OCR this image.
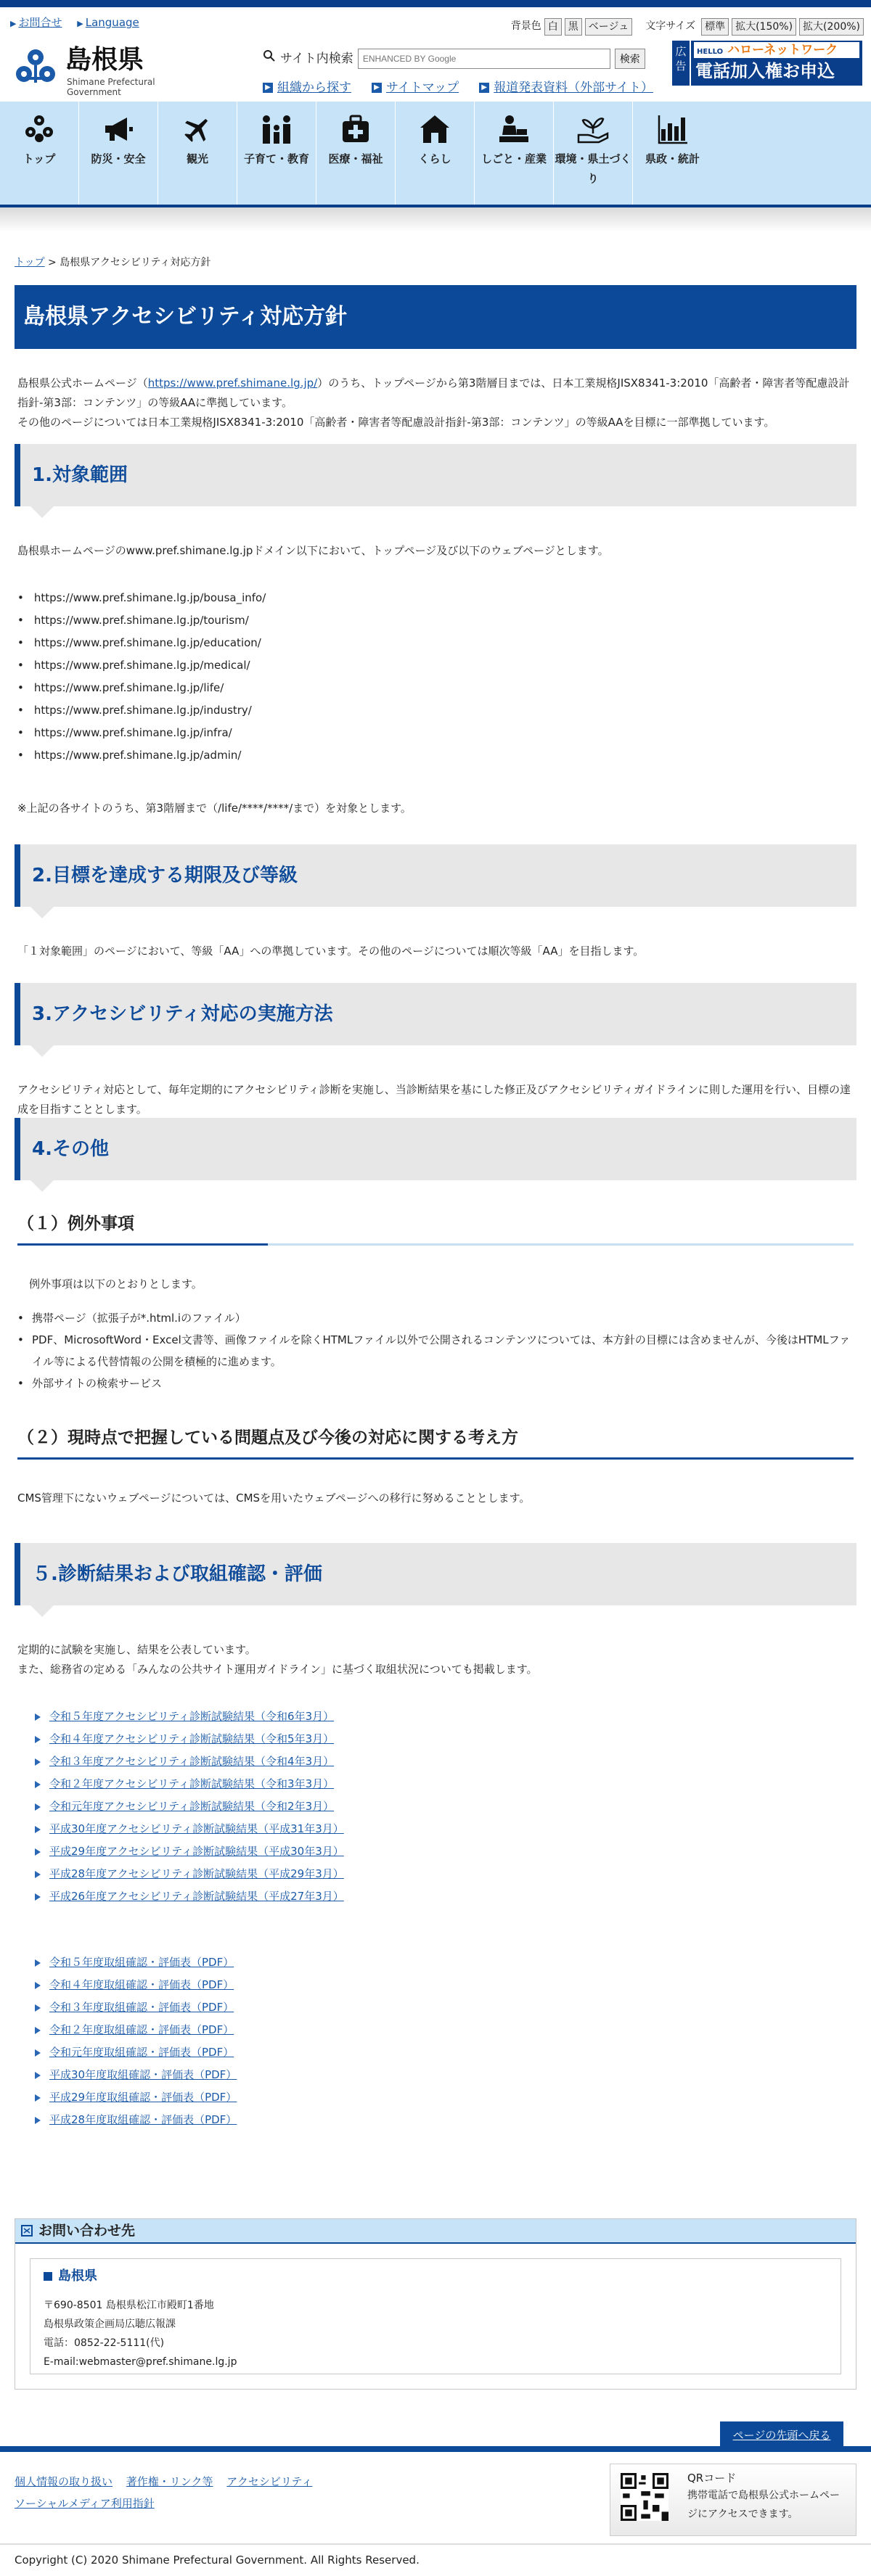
▶ お問合せ ▶ Language
島根県
Shimane Prefectural Government
背景色 白	黒	ベージュ	文字サイズ 標準	拡大(150%)	拡大(200%)
サイト内検索
ENHANCED BY Google	検索
▶ 組織から探す	▶ サイトマップ	▶ 報道発表資料（外部サイト）
広告
HELLO ハローネットワーク
電話加入権お申込
トップ	防災・安全	観光	子育て・教育	医療・福祉	くらし	しごと・産業 環境・県土づくり
県政・統計
トップ > 島根県アクセシビリティ対応方針
島根県アクセシビリティ対応方針

島根県公式ホームページ（https://www.pref.shimane.lg.jp/）のうち、トップページから第3階層目までは、日本工業規格JISX8341-3:2010「高齢者・障害者等配慮設計指針-第3部：コンテンツ」の等級AAに準拠しています。

その他のページについては日本工業規格JISX8341-3:2010「高齢者・障害者等配慮設計指針-第3部：コンテンツ」の等級AAを目標に一部準拠しています。

1.対象範囲

島根県ホームページのwww.pref.shimane.lg.jpドメイン以下において、トップページ及び以下のウェブページとします。

• https://www.pref.shimane.lg.jp/bousa_info/
• https://www.pref.shimane.lg.jp/tourism/
• https://www.pref.shimane.lg.jp/education/
• https://www.pref.shimane.lg.jp/medical/
• https://www.pref.shimane.lg.jp/life/
• https://www.pref.shimane.lg.jp/industry/
• https://www.pref.shimane.lg.jp/infra/
• https://www.pref.shimane.lg.jp/admin/

※上記の各サイトのうち、第3階層まで（/life/****/****/まで）を対象とします。

2.目標を達成する期限及び等級

「１対象範囲」のページにおいて、等級「AA」への準拠しています。その他のページについては順次等級「AA」を目指します。

3.アクセシビリティ対応の実施方法

アクセシビリティ対応として、毎年定期的にアクセシビリティ診断を実施し、当診断結果を基にした修正及びアクセシビリティガイドラインに則した運用を行い、目標の達成を目指すこととします。

4.その他
（１）例外事項

例外事項は以下のとおりとします。

• 携帯ページ（拡張子が*.html.iのファイル）
• PDF、MicrosoftWord・Excel文書等、画像ファイルを除くHTMLファイル以外で公開されるコンテンツについては、本方針の目標には含めませんが、今後はHTMLファイル等による代替情報の公開を積極的に進めます。
• 外部サイトの検索サービス
（２）現時点で把握している問題点及び今後の対応に関する考え方

CMS管理下にないウェブページについては、CMSを用いたウェブページへの移行に努めることとします。

５.診断結果および取組確認・評価

定期的に試験を実施し、結果を公表しています。

また、総務省の定める「みんなの公共サイト運用ガイドライン」に基づく取組状況についても掲載します。

令和５年度アクセシビリティ診断試験結果（令和6年3月）
令和４年度アクセシビリティ診断試験結果（令和5年3月）
令和３年度アクセシビリティ診断試験結果（令和4年3月）
令和２年度アクセシビリティ診断試験結果（令和3年3月）
令和元年度アクセシビリティ診断試験結果（令和2年3月）
平成30年度アクセシビリティ診断試験結果（平成31年3月）
平成29年度アクセシビリティ診断試験結果（平成30年3月）
平成28年度アクセシビリティ診断試験結果（平成29年3月）
平成26年度アクセシビリティ診断試験結果（平成27年3月）
令和５年度取組確認・評価表（PDF）
令和４年度取組確認・評価表（PDF）
令和３年度取組確認・評価表（PDF）
令和２年度取組確認・評価表（PDF）
令和元年度取組確認・評価表（PDF）
平成30年度取組確認・評価表（PDF）
平成29年度取組確認・評価表（PDF）
平成28年度取組確認・評価表（PDF）
お問い合わせ先
島根県

〒690-8501 島根県松江市殿町1番地

島根県政策企画局広聴広報課

電話：0852-22-5111(代)

E-mail:webmaster@pref.shimane.lg.jp

ページの先頭へ戻る
個人情報の取り扱い 著作権・リンク等 アクセシビリティ
ソーシャルメディア利用指針
QRコード
携帯電話で島根県公式ホームページにアクセスできます。
Copyright (C) 2020 Shimane Prefectural Government. All Rights Reserved.
